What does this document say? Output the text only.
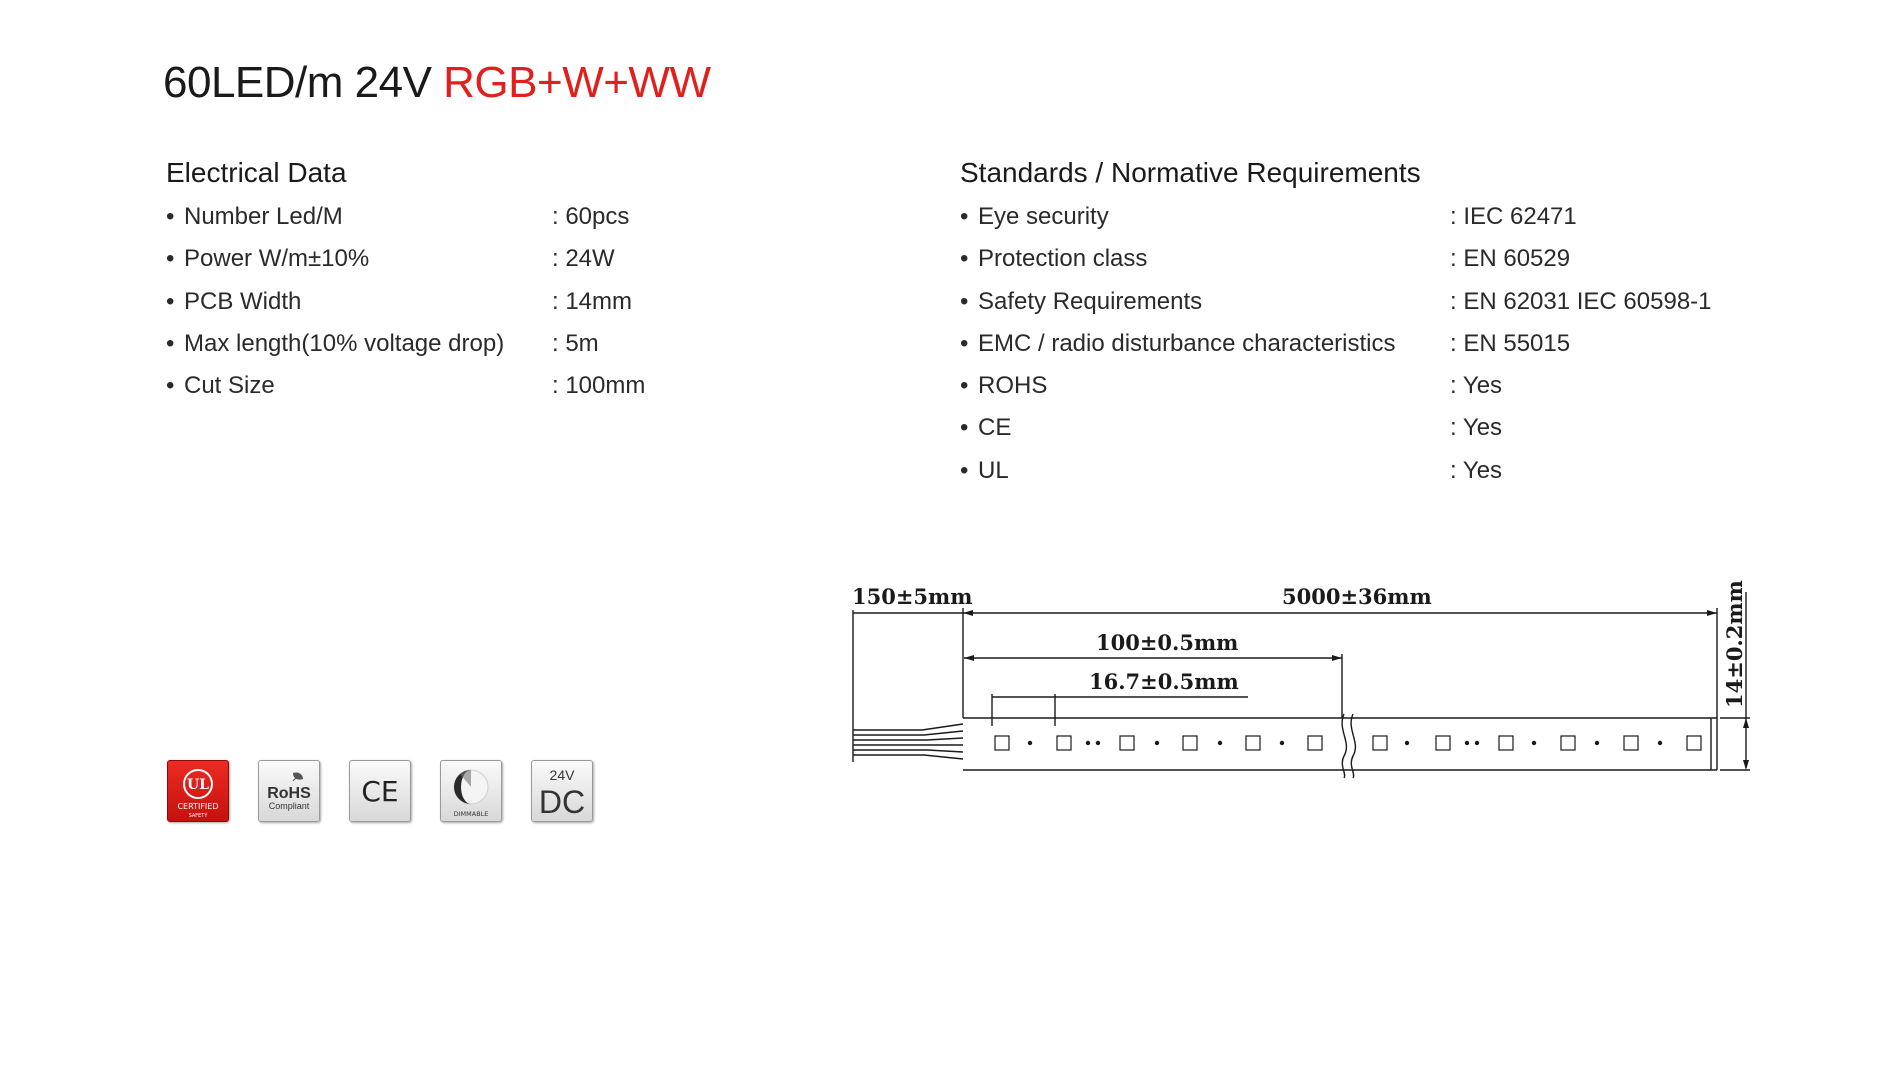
60LED/m 24V RGB+W+WW
Electrical Data
• Number Led/M	: 60pcs
• Power W/m±10%	: 24W
• PCB Width	: 14mm
• Max length(10% voltage drop) : 5m
• Cut Size	: 100mm
Standards / Normative Requirements
• Eye security	: IEC 62471
• Protection class	: EN 60529
• Safety Requirements	: EN 62031 IEC 60598-1
• EMC / radio disturbance characteristics : EN 55015
• ROHS	: Yes
• CE	: Yes
• UL	: Yes
UL
CERTIFIED
SAFETY
RoHS
Compliant CE
DIMMABLE
24V
DC
150±5mm	5000±36mm
100±0.5mm
16.7±0.5mm	14±0.2mm
